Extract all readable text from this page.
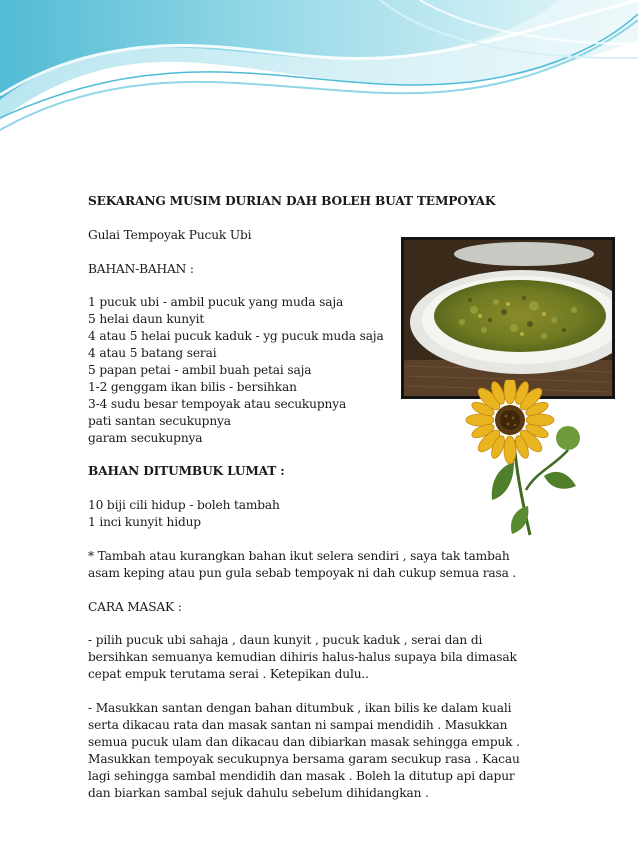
SEKARANG MUSIM DURIAN DAH BOLEH BUAT TEMPOYAK
Gulai Tempoyak Pucuk Ubi
BAHAN-BAHAN :
1 pucuk ubi - ambil pucuk yang muda saja
5 helai daun kunyit
4 atau 5 helai pucuk kaduk - yg pucuk muda saja
4 atau 5 batang serai
5 papan petai - ambil buah petai saja
1-2 genggam ikan bilis - bersihkan
3-4 sudu besar tempoyak atau secukupnya
pati santan secukupnya
garam secukupnya
BAHAN DITUMBUK LUMAT :
10 biji cili hidup - boleh tambah
1 inci kunyit hidup
* Tambah atau kurangkan bahan ikut selera sendiri , saya tak tambah
asam keping atau pun gula sebab tempoyak ni dah cukup semua rasa .
CARA MASAK :
- pilih pucuk ubi sahaja , daun kunyit , pucuk kaduk , serai dan di
bersihkan semuanya kemudian dihiris halus-halus supaya bila dimasak
cepat empuk terutama serai . Ketepikan dulu..
- Masukkan santan dengan bahan ditumbuk , ikan bilis ke dalam kuali
serta dikacau rata dan masak santan ni sampai mendidih . Masukkan
semua pucuk ulam dan dikacau dan dibiarkan masak sehingga empuk .
Masukkan tempoyak secukupnya bersama garam secukup rasa . Kacau
lagi sehingga sambal mendidih dan masak . Boleh la ditutup api dapur
dan biarkan sambal sejuk dahulu sebelum dihidangkan .
